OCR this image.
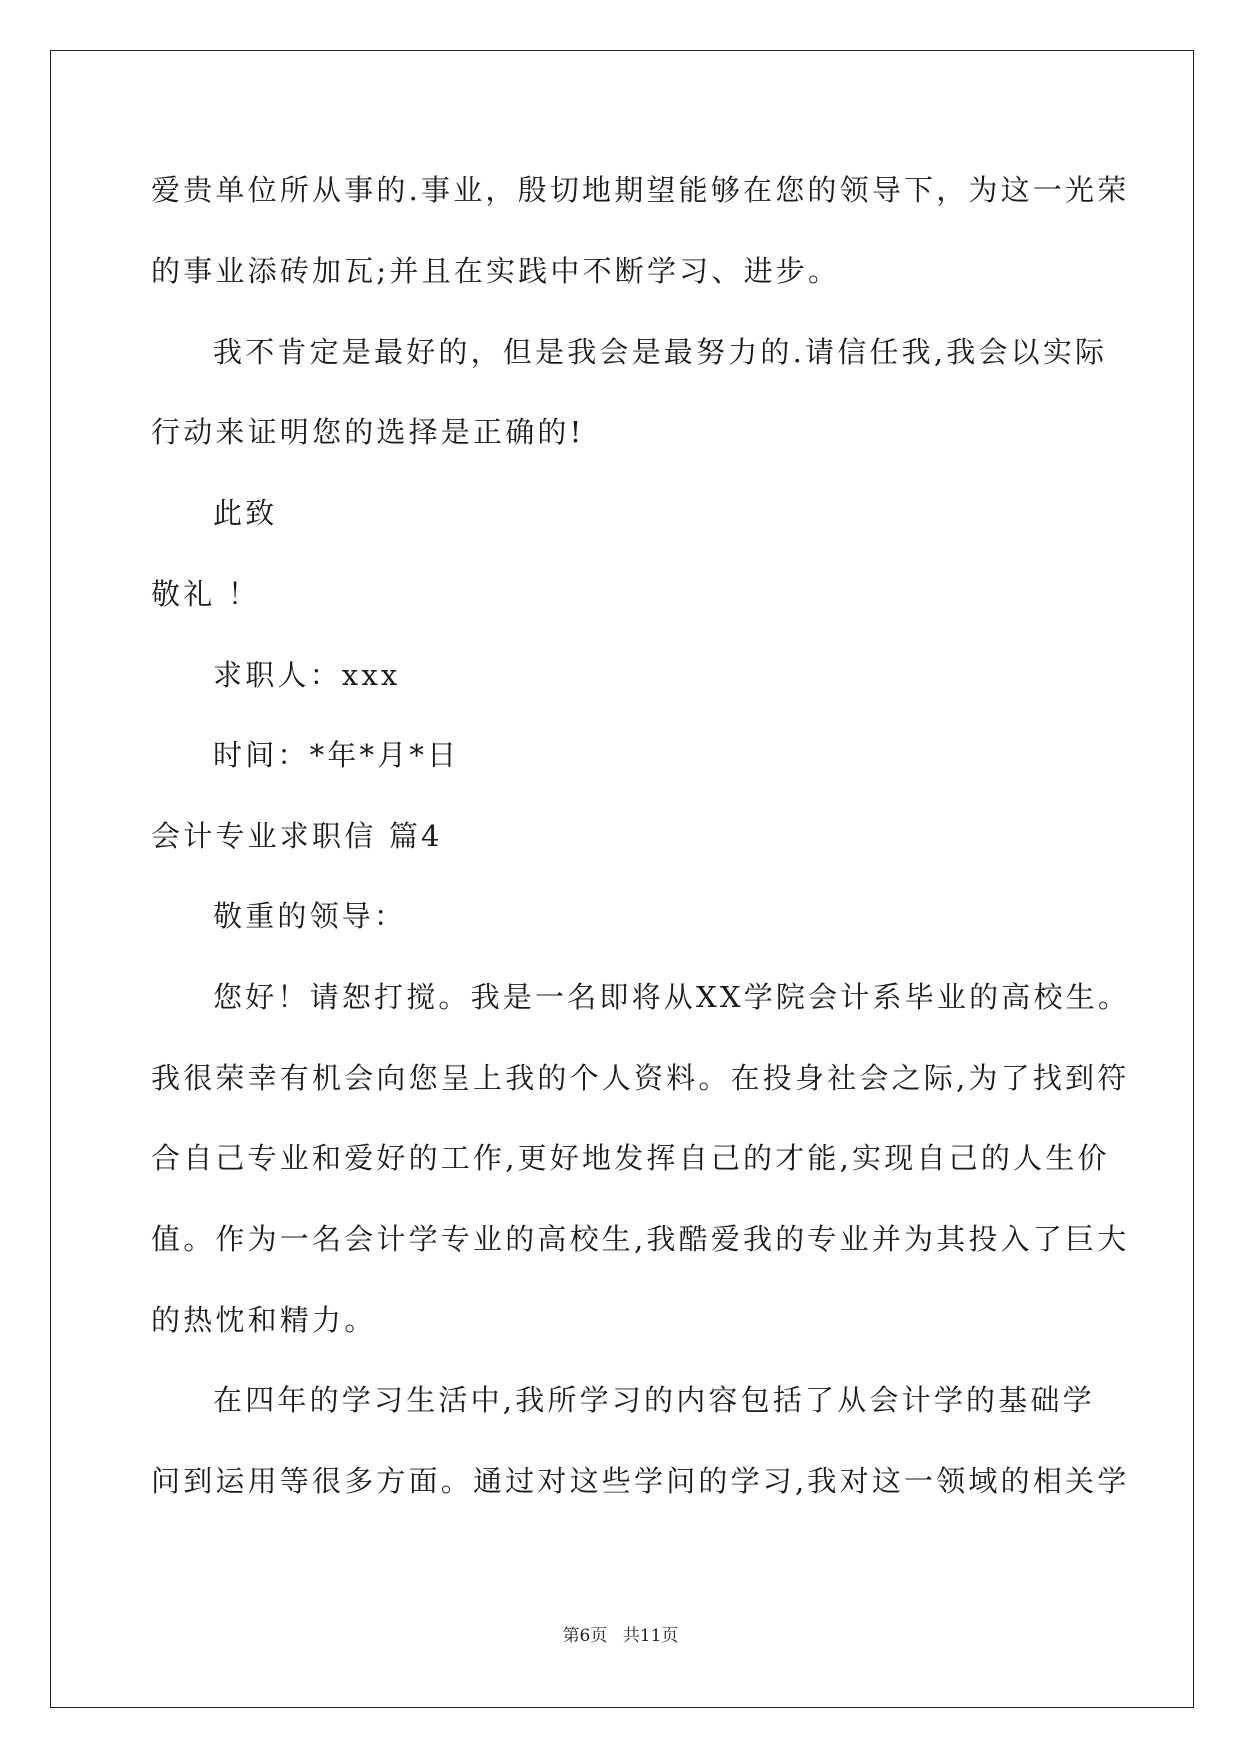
爱贵单位所从事的.事业，殷切地期望能够在您的领导下，为这一光荣
的事业添砖加瓦;并且在实践中不断学习、进步。
我不肯定是最好的，但是我会是最努力的.请信任我,我会以实际
行动来证明您的选择是正确的!
此致
敬礼 ！
求职人：xxx
时间：*年*月*日
会计专业求职信 篇4
敬重的领导：
您好！请恕打搅。我是一名即将从XX学院会计系毕业的高校生。
我很荣幸有机会向您呈上我的个人资料。在投身社会之际,为了找到符
合自己专业和爱好的工作,更好地发挥自己的才能,实现自己的人生价
值。作为一名会计学专业的高校生,我酷爱我的专业并为其投入了巨大
的热忱和精力。
在四年的学习生活中,我所学习的内容包括了从会计学的基础学
问到运用等很多方面。通过对这些学问的学习,我对这一领域的相关学
第6页 共11页
